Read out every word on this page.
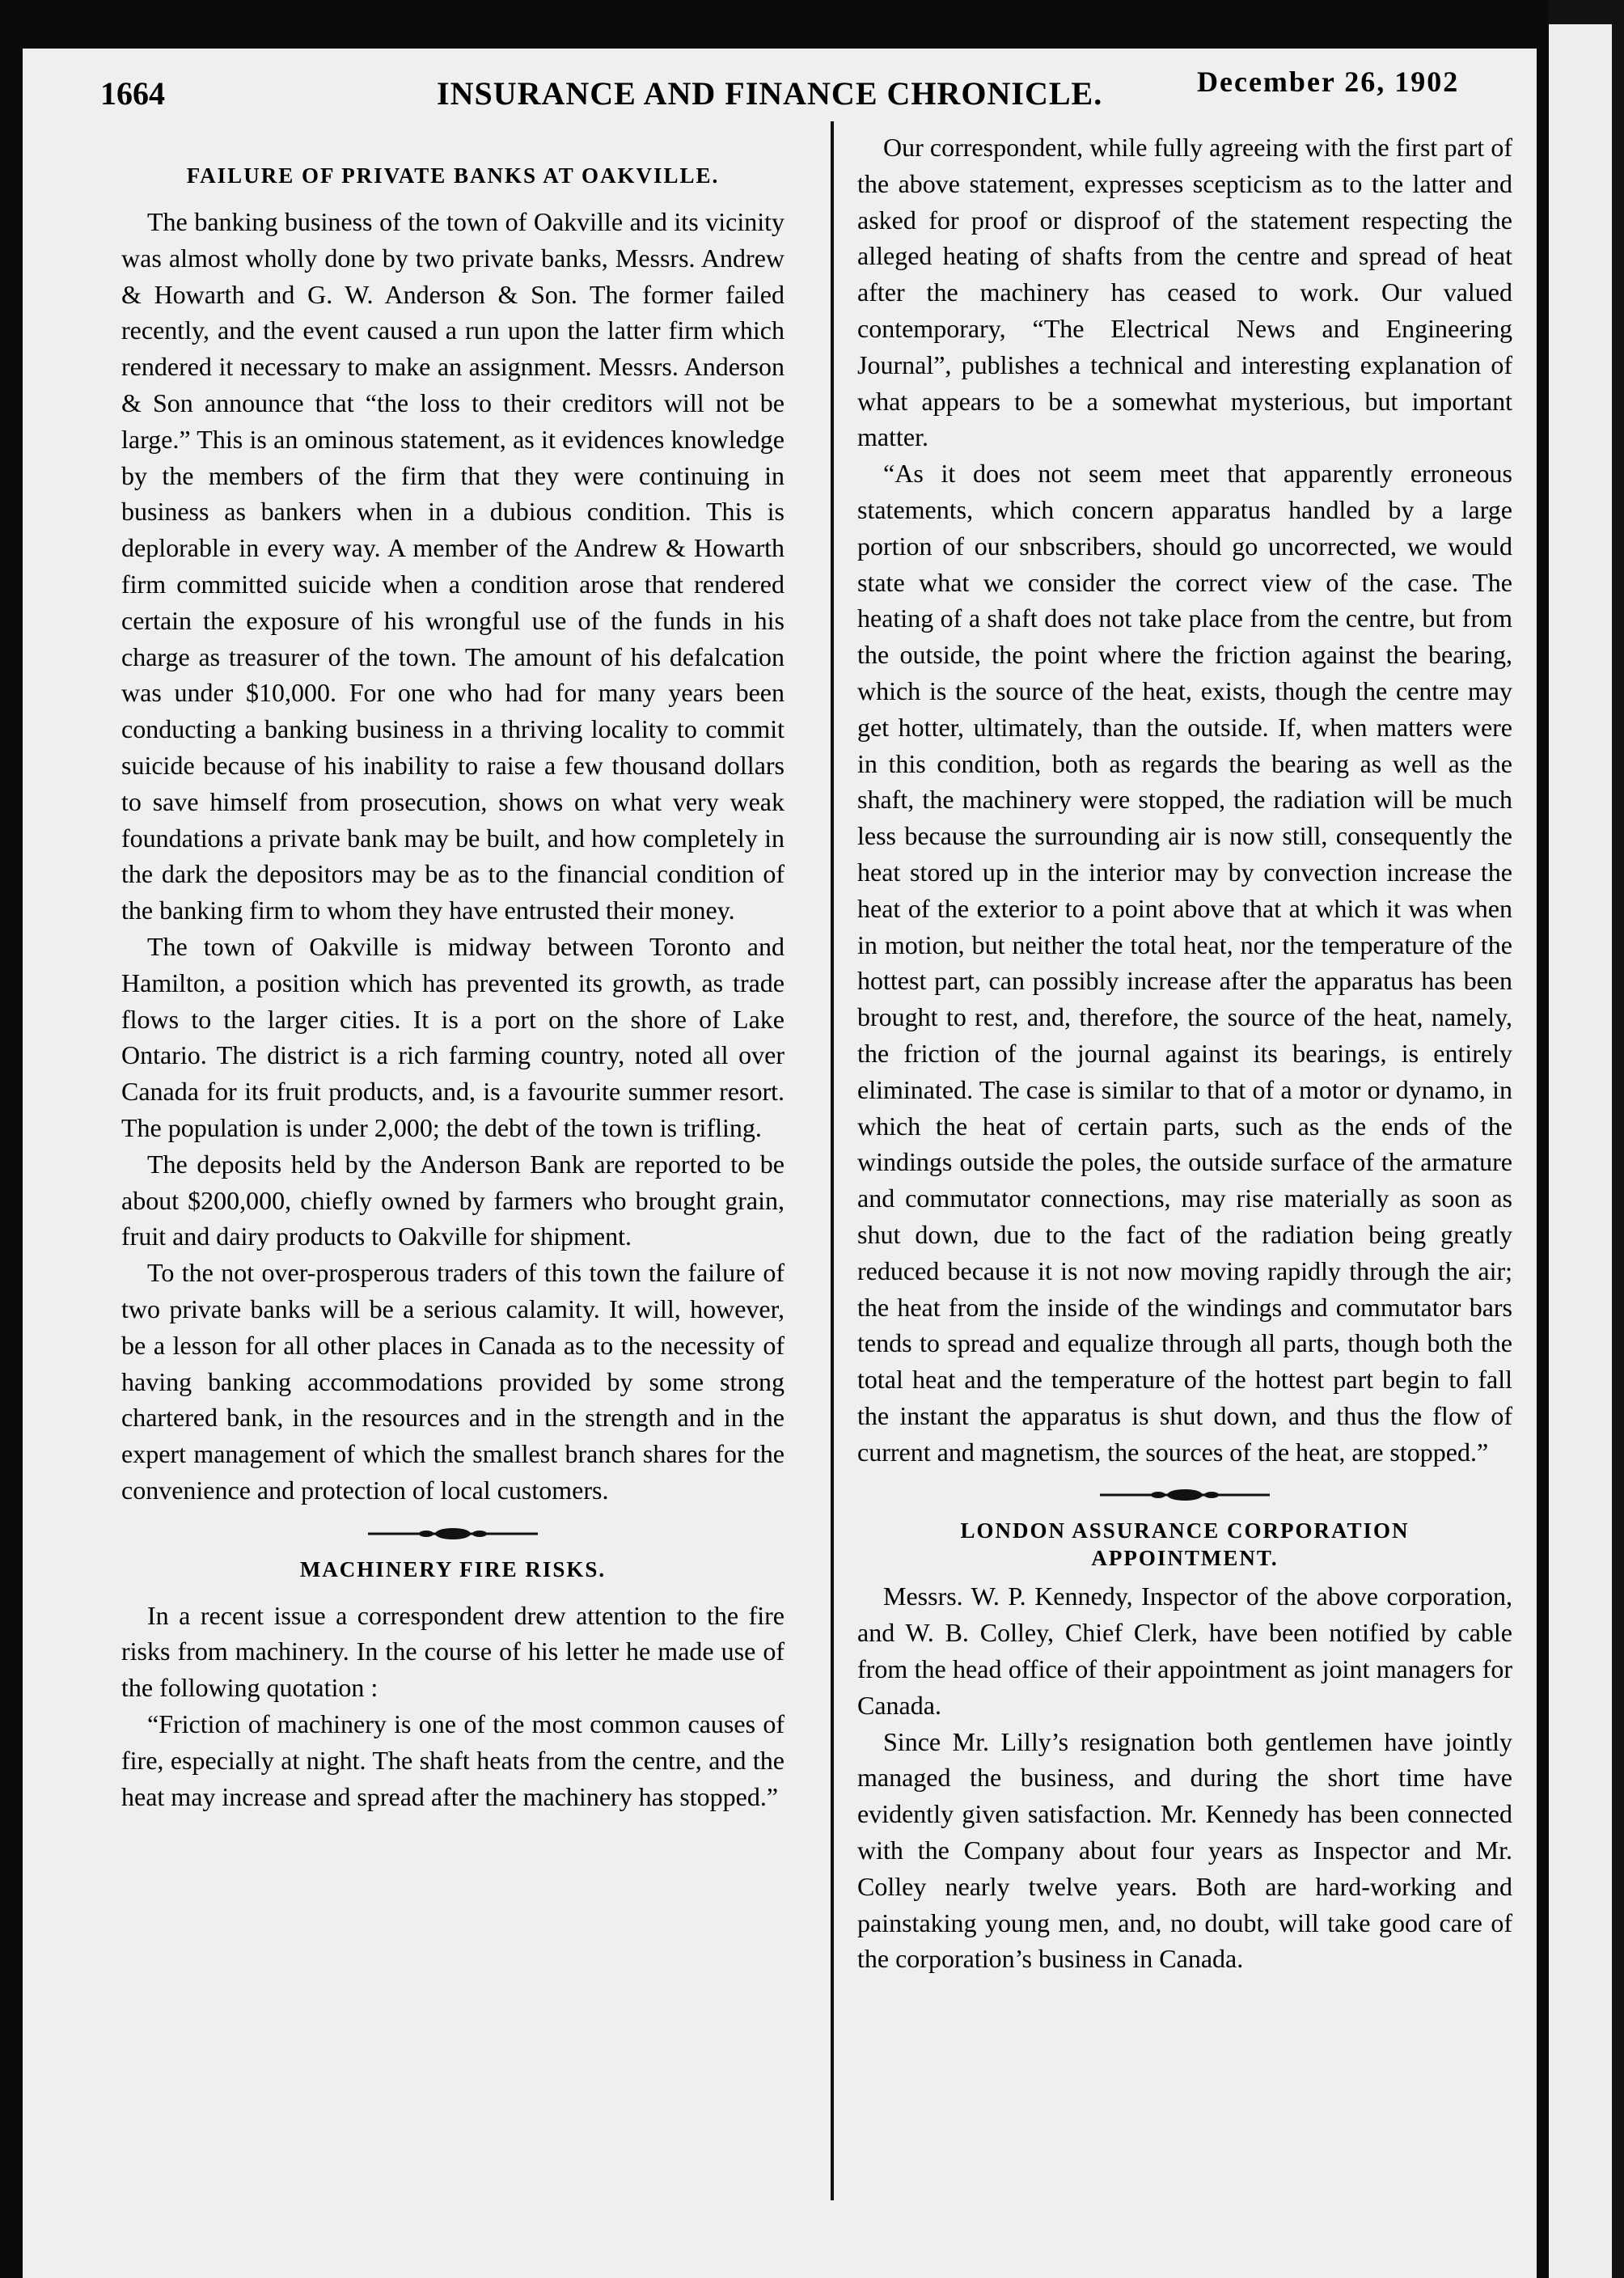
1664	INSURANCE AND FINANCE CHRONICLE.	December 26, 1902

FAILURE OF PRIVATE BANKS AT OAKVILLE.

The banking business of the town of Oakville and its vicinity was almost wholly done by two private banks, Messrs. Andrew & Howarth and G. W. Anderson & Son. The former failed recently, and the event caused a run upon the latter firm which rendered it necessary to make an assignment. Messrs. Anderson & Son announce that “the loss to their creditors will not be large.” This is an ominous statement, as it evidences knowledge by the members of the firm that they were continuing in business as bankers when in a dubious condition. This is deplorable in every way. A member of the Andrew & Howarth firm committed suicide when a condition arose that rendered certain the exposure of his wrongful use of the funds in his charge as treasurer of the town. The amount of his defalcation was under $10,000. For one who had for many years been conducting a banking business in a thriving locality to commit suicide because of his inability to raise a few thousand dollars to save himself from prosecution, shows on what very weak foundations a private bank may be built, and how completely in the dark the depositors may be as to the financial condition of the banking firm to whom they have entrusted their money.

The town of Oakville is midway between Toronto and Hamilton, a position which has prevented its growth, as trade flows to the larger cities. It is a port on the shore of Lake Ontario. The district is a rich farming country, noted all over Canada for its fruit products, and, is a favourite summer resort. The population is under 2,000; the debt of the town is trifling.

The deposits held by the Anderson Bank are reported to be about $200,000, chiefly owned by farmers who brought grain, fruit and dairy products to Oakville for shipment.

To the not over-prosperous traders of this town the failure of two private banks will be a serious calamity. It will, however, be a lesson for all other places in Canada as to the necessity of having banking accommodations provided by some strong chartered bank, in the resources and in the strength and in the expert management of which the smallest branch shares for the convenience and protection of local customers.

MACHINERY FIRE RISKS.

In a recent issue a correspondent drew attention to the fire risks from machinery. In the course of his letter he made use of the following quotation :

“Friction of machinery is one of the most common causes of fire, especially at night. The shaft heats from the centre, and the heat may increase and spread after the machinery has stopped.”

Our correspondent, while fully agreeing with the first part of the above statement, expresses scepticism as to the latter and asked for proof or disproof of the statement respecting the alleged heating of shafts from the centre and spread of heat after the machinery has ceased to work. Our valued contemporary, “The Electrical News and Engineering Journal”, publishes a technical and interesting explanation of what appears to be a somewhat mysterious, but important matter.

“As it does not seem meet that apparently erroneous statements, which concern apparatus handled by a large portion of our snbscribers, should go uncorrected, we would state what we consider the correct view of the case. The heating of a shaft does not take place from the centre, but from the outside, the point where the friction against the bearing, which is the source of the heat, exists, though the centre may get hotter, ultimately, than the outside. If, when matters were in this condition, both as regards the bearing as well as the shaft, the machinery were stopped, the radiation will be much less because the surrounding air is now still, consequently the heat stored up in the interior may by convection increase the heat of the exterior to a point above that at which it was when in motion, but neither the total heat, nor the temperature of the hottest part, can possibly increase after the apparatus has been brought to rest, and, therefore, the source of the heat, namely, the friction of the journal against its bearings, is entirely eliminated. The case is similar to that of a motor or dynamo, in which the heat of certain parts, such as the ends of the windings outside the poles, the outside surface of the armature and commutator connections, may rise materially as soon as shut down, due to the fact of the radiation being greatly reduced because it is not now moving rapidly through the air; the heat from the inside of the windings and commutator bars tends to spread and equalize through all parts, though both the total heat and the temperature of the hottest part begin to fall the instant the apparatus is shut down, and thus the flow of current and magnetism, the sources of the heat, are stopped.”

LONDON ASSURANCE CORPORATION
APPOINTMENT.

Messrs. W. P. Kennedy, Inspector of the above corporation, and W. B. Colley, Chief Clerk, have been notified by cable from the head office of their appointment as joint managers for Canada.

Since Mr. Lilly’s resignation both gentlemen have jointly managed the business, and during the short time have evidently given satisfaction. Mr. Kennedy has been connected with the Company about four years as Inspector and Mr. Colley nearly twelve years. Both are hard-working and painstaking young men, and, no doubt, will take good care of the corporation’s business in Canada.
